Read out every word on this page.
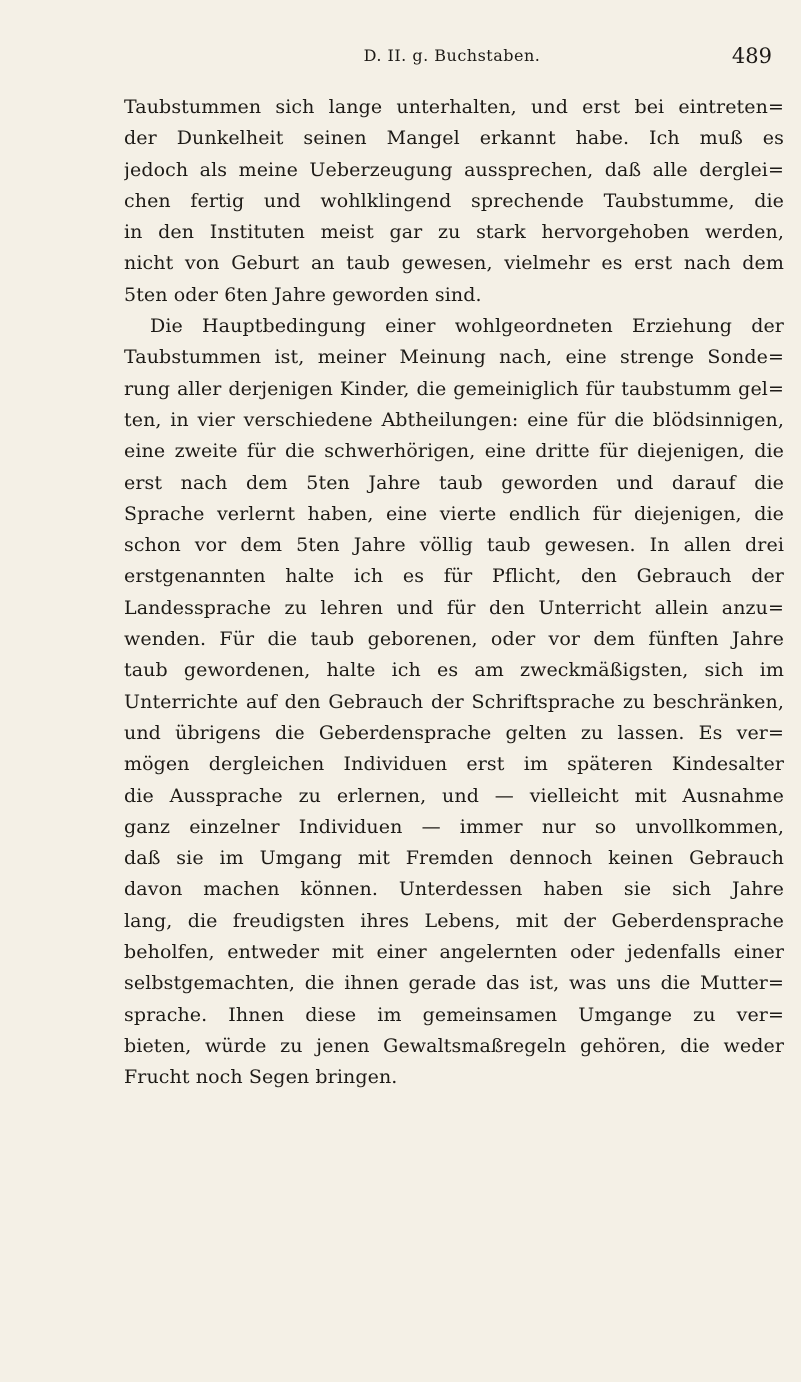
D. II. g. Buchstaben.	489
Taubstummen sich lange unterhalten, und erst bei eintreten=
der Dunkelheit seinen Mangel erkannt habe. Ich muß es
jedoch als meine Ueberzeugung aussprechen, daß alle derglei=
chen fertig und wohlklingend sprechende Taubstumme, die
in den Instituten meist gar zu stark hervorgehoben werden,
nicht von Geburt an taub gewesen, vielmehr es erst nach dem
5ten oder 6ten Jahre geworden sind.
Die Hauptbedingung einer wohlgeordneten Erziehung der
Taubstummen ist, meiner Meinung nach, eine strenge Sonde=
rung aller derjenigen Kinder, die gemeiniglich für taubstumm gel=
ten, in vier verschiedene Abtheilungen: eine für die blödsinnigen,
eine zweite für die schwerhörigen, eine dritte für diejenigen, die
erst nach dem 5ten Jahre taub geworden und darauf die
Sprache verlernt haben, eine vierte endlich für diejenigen, die
schon vor dem 5ten Jahre völlig taub gewesen. In allen drei
erstgenannten halte ich es für Pflicht, den Gebrauch der
Landessprache zu lehren und für den Unterricht allein anzu=
wenden. Für die taub geborenen, oder vor dem fünften Jahre
taub gewordenen, halte ich es am zweckmäßigsten, sich im
Unterrichte auf den Gebrauch der Schriftsprache zu beschränken,
und übrigens die Geberdensprache gelten zu lassen. Es ver=
mögen dergleichen Individuen erst im späteren Kindesalter
die Aussprache zu erlernen, und — vielleicht mit Ausnahme
ganz einzelner Individuen — immer nur so unvollkommen,
daß sie im Umgang mit Fremden dennoch keinen Gebrauch
davon machen können. Unterdessen haben sie sich Jahre
lang, die freudigsten ihres Lebens, mit der Geberdensprache
beholfen, entweder mit einer angelernten oder jedenfalls einer
selbstgemachten, die ihnen gerade das ist, was uns die Mutter=
sprache. Ihnen diese im gemeinsamen Umgange zu ver=
bieten, würde zu jenen Gewaltsmaßregeln gehören, die weder
Frucht noch Segen bringen.
